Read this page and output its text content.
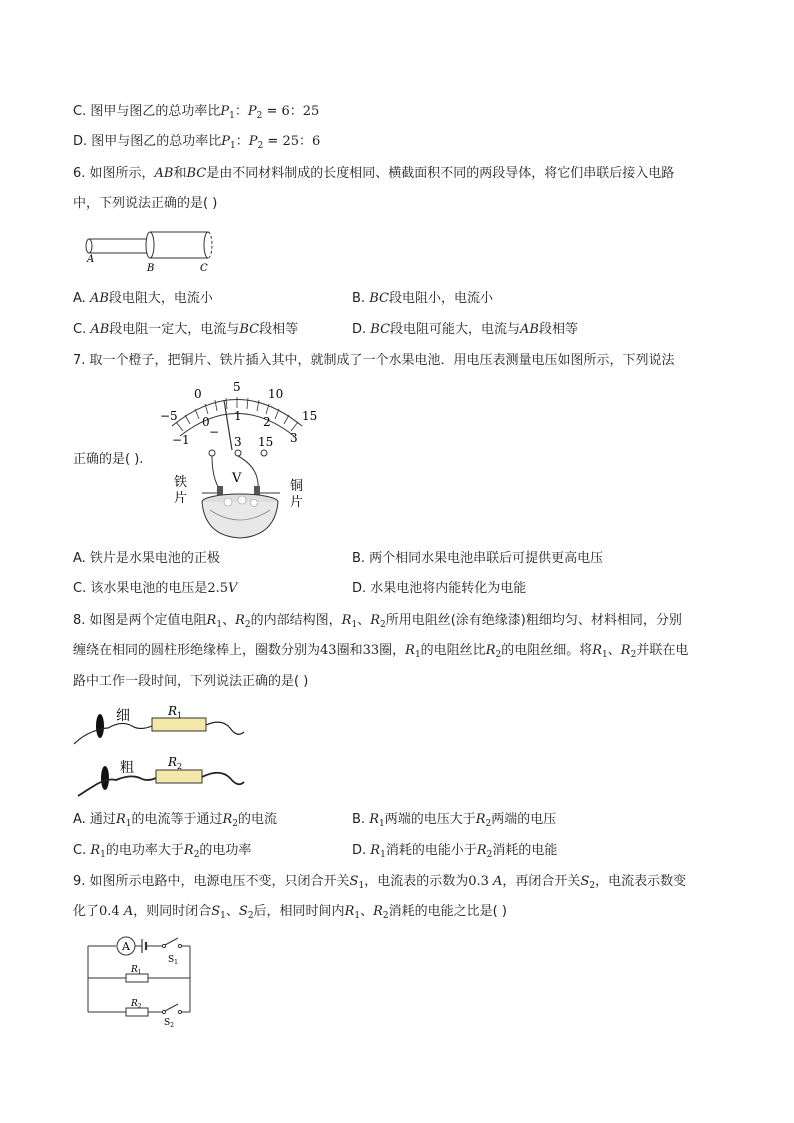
C. 图甲与图乙的总功率比$P_1$：$P_2 = 6$：25
D. 图甲与图乙的总功率比$P_1$：$P_2 = 25$：6
6. 如图所示，AB和BC是由不同材料制成的长度相同、横截面积不同的两段导体，将它们串联后接入电路
中，下列说法正确的是( )
A
B	C
A. AB段电阻大，电流小	B. BC段电阻小，电流小
C. AB段电阻一定大，电流与BC段相等	D. BC段电阻可能大，电流与AB段相等
7. 取一个橙子，把铜片、铁片插入其中，就制成了一个水果电池．用电压表测量电压如图所示，下列说法
−5
0	5 10
15
−1
0 1 2
3
−
3 15
V
铁
片
铜
片
正确的是( ).
A. 铁片是水果电池的正极	B. 两个相同水果电池串联后可提供更高电压
C. 该水果电池的电压是2.5V	D. 水果电池将内能转化为电能
8. 如图是两个定值电阻$R_1$、$R_2$的内部结构图，$R_1$、$R_2$所用电阻丝(涂有绝缘漆)粗细均匀、材料相同，分别
缠绕在相同的圆柱形绝缘棒上，圈数分别为43圈和33圈，$R_1$的电阻丝比$R_2$的电阻丝细。将$R_1$、$R_2$并联在电
路中工作一段时间，下列说法正确的是( )
细	$R_1$
粗	$R_2$
A. 通过$R_1$的电流等于通过$R_2$的电流	B. $R_1$两端的电压大于$R_2$两端的电压
C. $R_1$的电功率大于$R_2$的电功率	D. $R_1$消耗的电能小于$R_2$消耗的电能
9. 如图所示电路中，电源电压不变，只闭合开关$S_1$，电流表的示数为0.3 A，再闭合开关$S_2$，电流表示数变
化了0.4 A，则同时闭合$S_1$、$S_2$后，相同时间内$R_1$、$R_2$消耗的电能之比是( )
A
$R_1$
$R_2$
$S_1$
$S_2$
